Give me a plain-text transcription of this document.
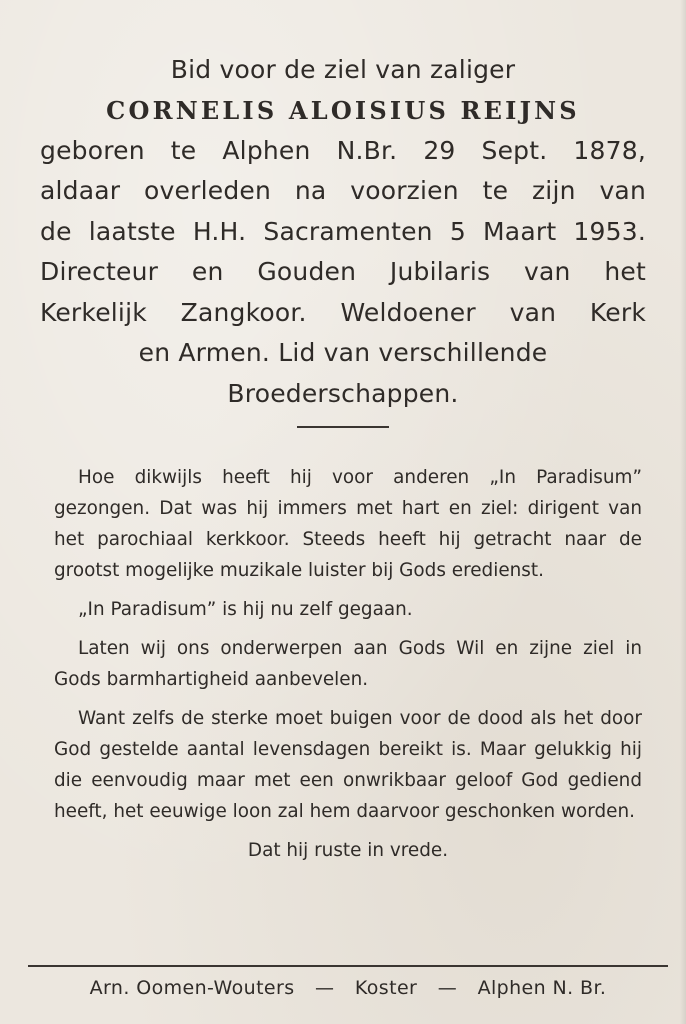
Bid voor de ziel van zaliger
CORNELIS ALOISIUS REIJNS
geboren te Alphen N.Br. 29 Sept. 1878,
aldaar overleden na voorzien te zijn van
de laatste H.H. Sacramenten 5 Maart 1953.
Directeur en Gouden Jubilaris van het
Kerkelijk Zangkoor. Weldoener van Kerk
en Armen. Lid van verschillende
Broederschappen.

Hoe dikwijls heeft hij voor anderen „In Paradisum” gezongen. Dat was hij immers met hart en ziel: dirigent van het parochiaal kerkkoor. Steeds heeft hij getracht naar de grootst mogelijke muzikale luister bij Gods eredienst.

„In Paradisum” is hij nu zelf gegaan.

Laten wij ons onderwerpen aan Gods Wil en zijne ziel in Gods barmhartigheid aanbevelen.

Want zelfs de sterke moet buigen voor de dood als het door God gestelde aantal levensdagen bereikt is. Maar gelukkig hij die eenvoudig maar met een onwrikbaar geloof God gediend heeft, het eeuwige loon zal hem daarvoor geschonken worden.

Dat hij ruste in vrede.

Arn. Oomen-Wouters — Koster — Alphen N. Br.
